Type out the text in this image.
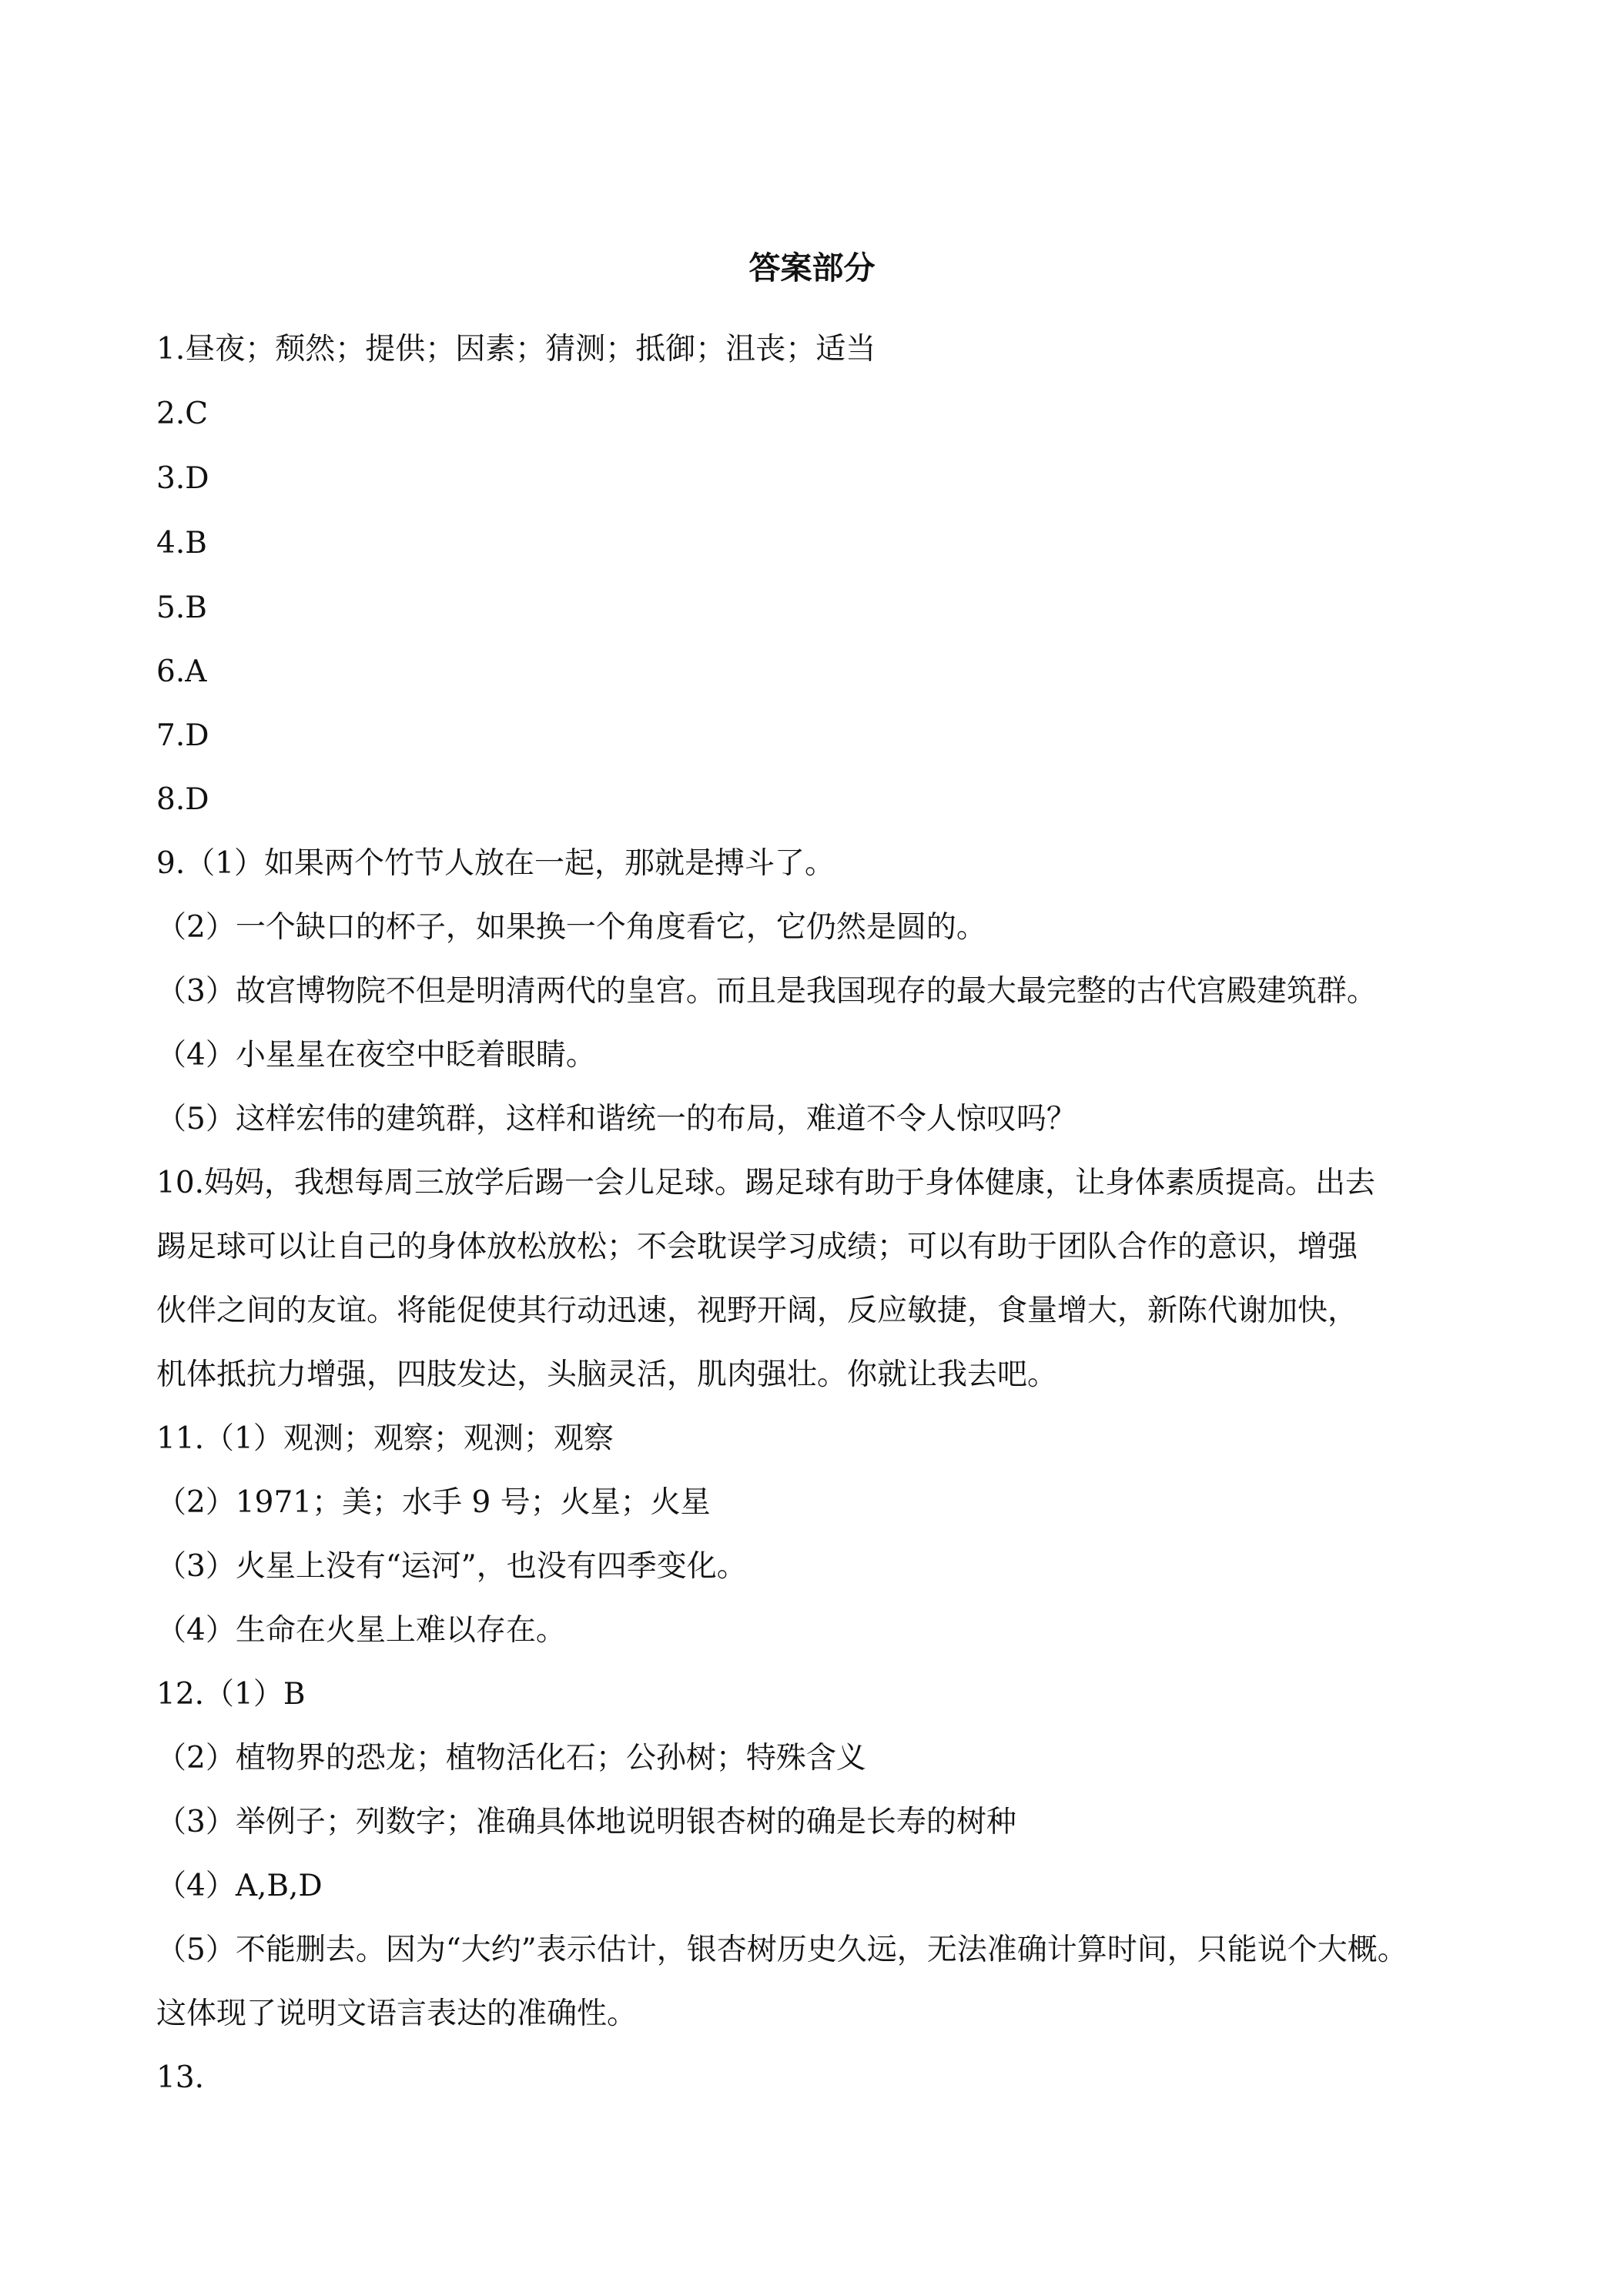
答案部分
1.昼夜；颓然；提供；因素；猜测；抵御；沮丧；适当
2.C
3.D
4.B
5.B
6.A
7.D
8.D
9.（1）如果两个竹节人放在一起，那就是搏斗了。
（2）一个缺口的杯子，如果换一个角度看它，它仍然是圆的。
（3）故宫博物院不但是明清两代的皇宫。而且是我国现存的最大最完整的古代宫殿建筑群。
（4）小星星在夜空中眨着眼睛。
（5）这样宏伟的建筑群，这样和谐统一的布局，难道不令人惊叹吗？
10.妈妈，我想每周三放学后踢一会儿足球。踢足球有助于身体健康，让身体素质提高。出去
踢足球可以让自己的身体放松放松；不会耽误学习成绩；可以有助于团队合作的意识，增强
伙伴之间的友谊。将能促使其行动迅速，视野开阔，反应敏捷，食量增大，新陈代谢加快，
机体抵抗力增强，四肢发达，头脑灵活，肌肉强壮。你就让我去吧。
11.（1）观测；观察；观测；观察
（2）1971；美；水手 9 号；火星；火星
（3）火星上没有“运河”，也没有四季变化。
（4）生命在火星上难以存在。
12.（1）B
（2）植物界的恐龙；植物活化石；公孙树；特殊含义
（3）举例子；列数字；准确具体地说明银杏树的确是长寿的树种
（4）A,B,D
（5）不能删去。因为“大约”表示估计，银杏树历史久远，无法准确计算时间，只能说个大概。
这体现了说明文语言表达的准确性。
13.
